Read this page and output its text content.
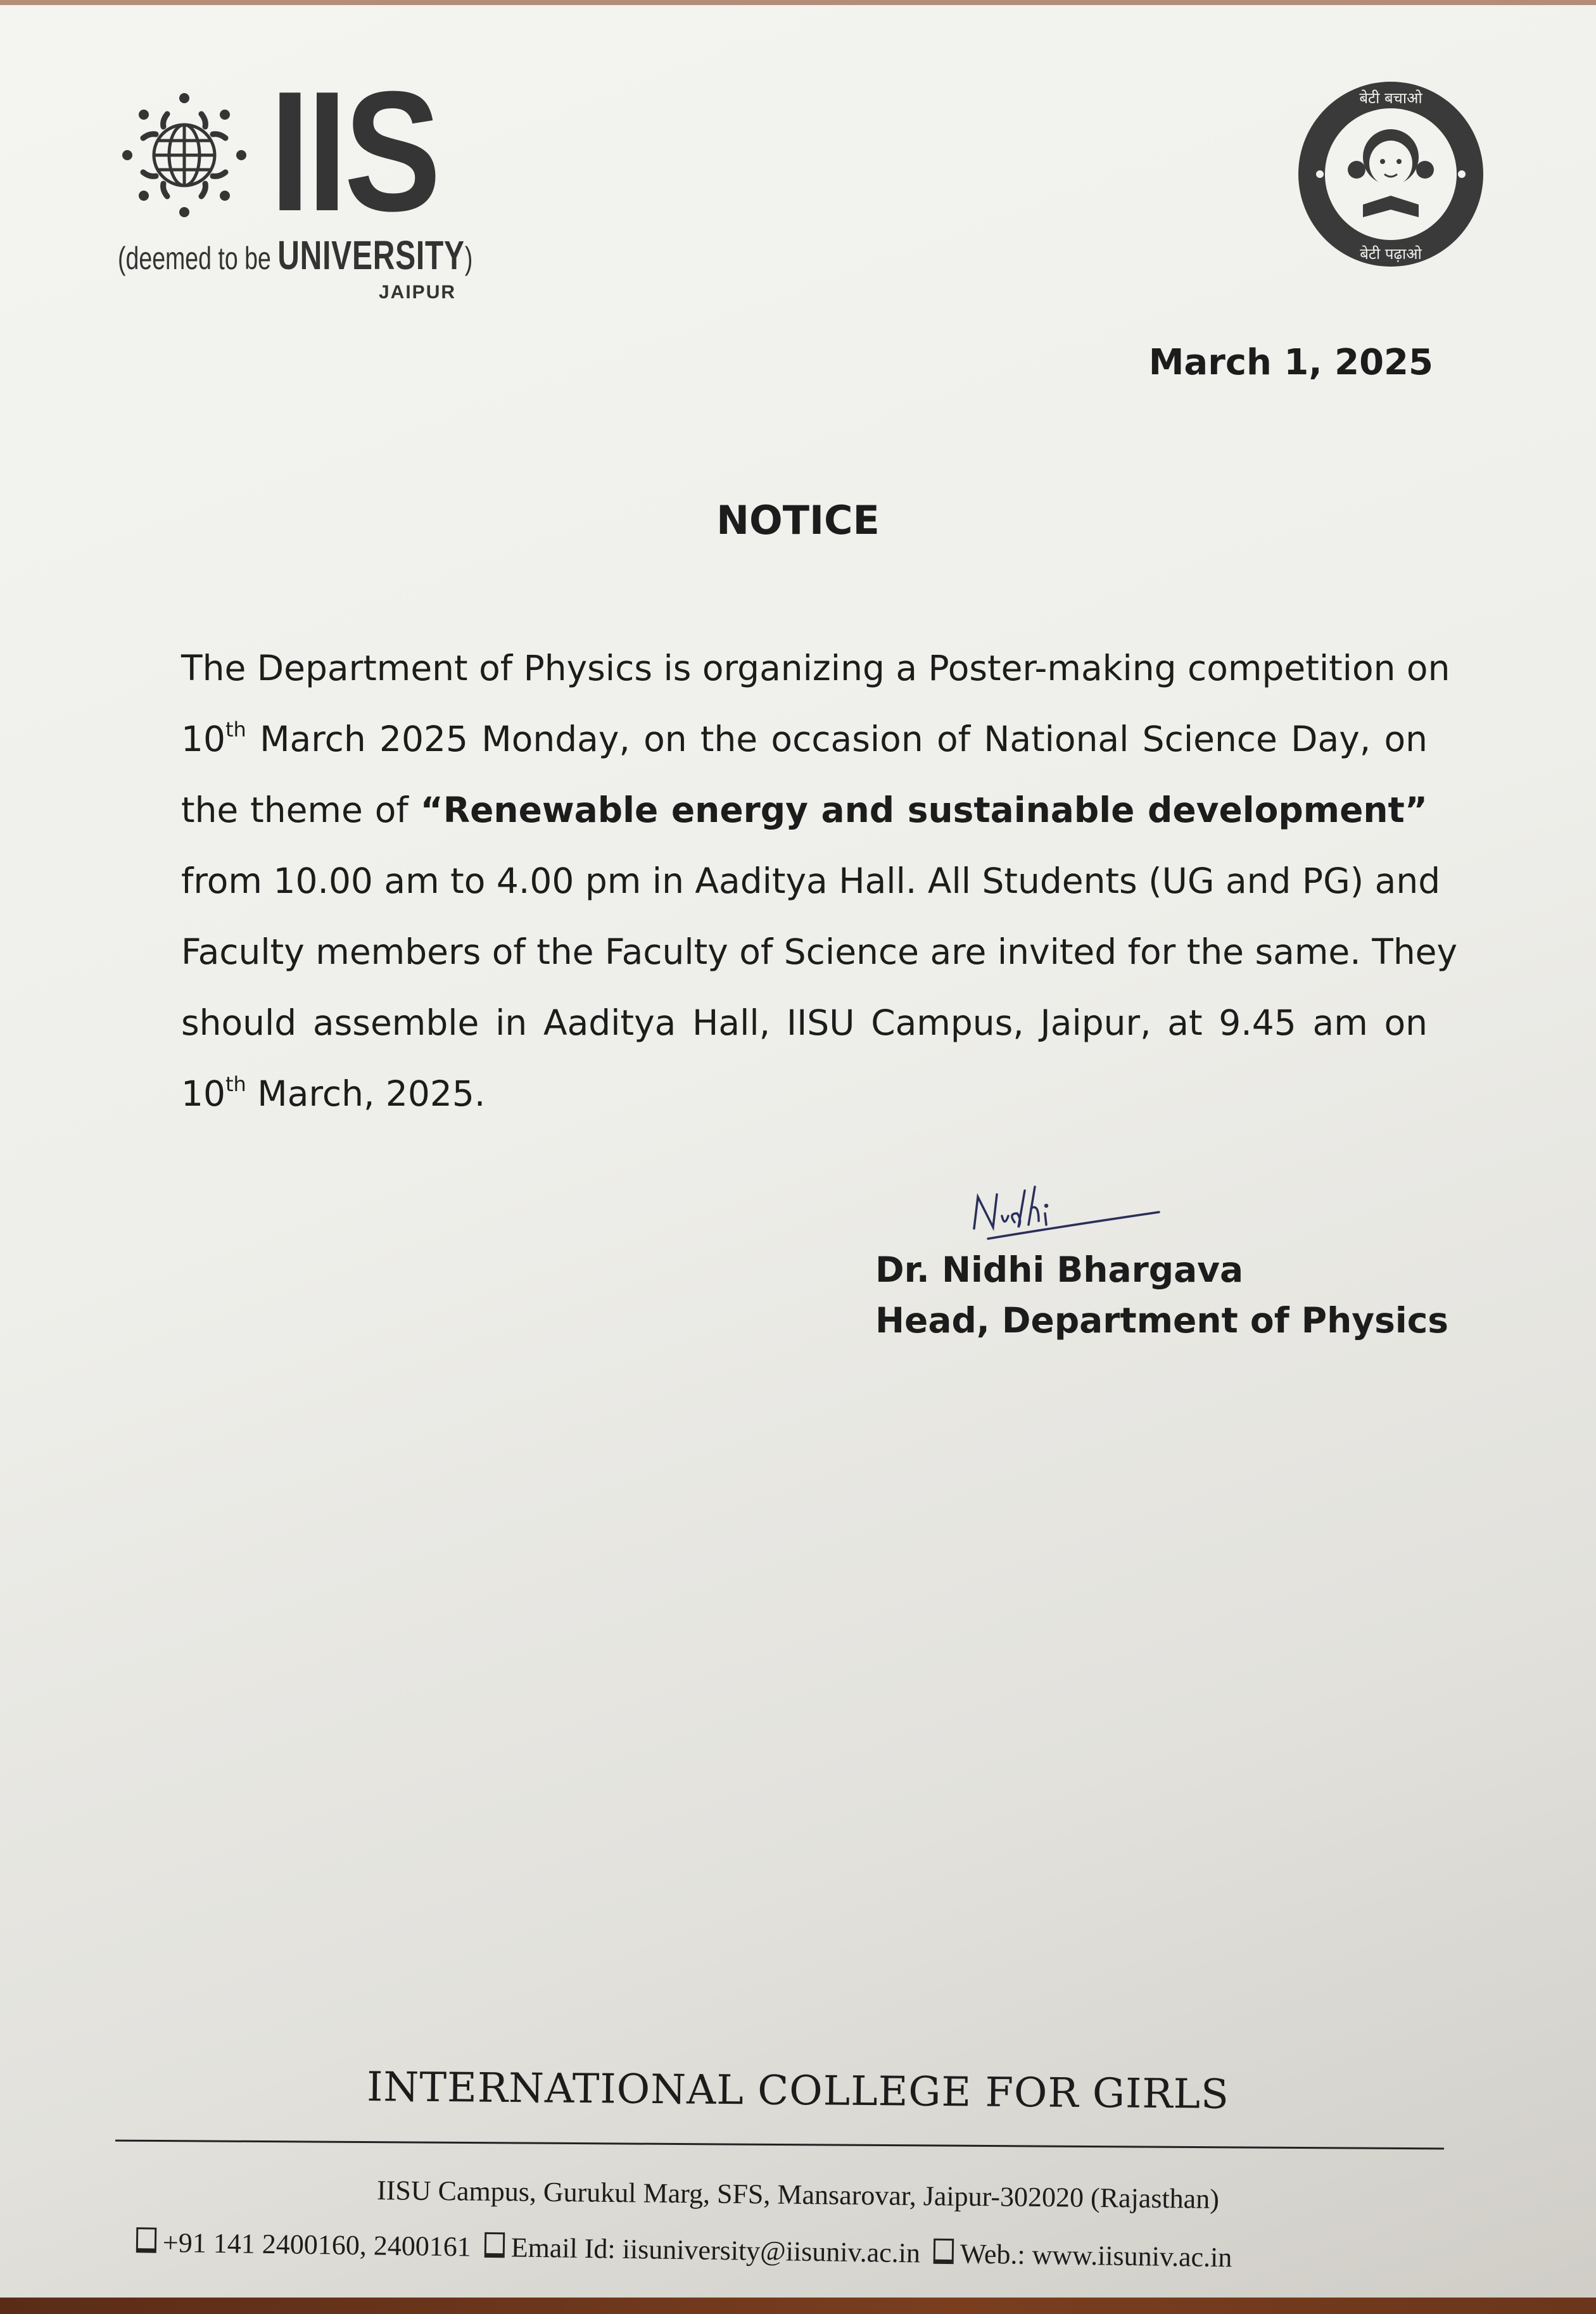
IIS
(deemed to be UNIVERSITY)
JAIPUR
बेटी बचाओ
बेटी पढ़ाओ
March 1, 2025
NOTICE
The Department of Physics is organizing a Poster-making competition on
10th March 2025 Monday, on the occasion of National Science Day, on
the theme of “Renewable energy and sustainable development”
from 10.00 am to 4.00 pm in Aaditya Hall. All Students (UG and PG) and
Faculty members of the Faculty of Science are invited for the same. They
should assemble in Aaditya Hall, IISU Campus, Jaipur, at 9.45 am on
10th March, 2025.
Dr. Nidhi Bhargava
Head, Department of Physics
INTERNATIONAL COLLEGE FOR GIRLS
IISU Campus, Gurukul Marg, SFS, Mansarovar, Jaipur-302020 (Rajasthan)
+91 141 2400160, 2400161 Email Id: iisuniversity@iisuniv.ac.in Web.: www.iisuniv.ac.in
